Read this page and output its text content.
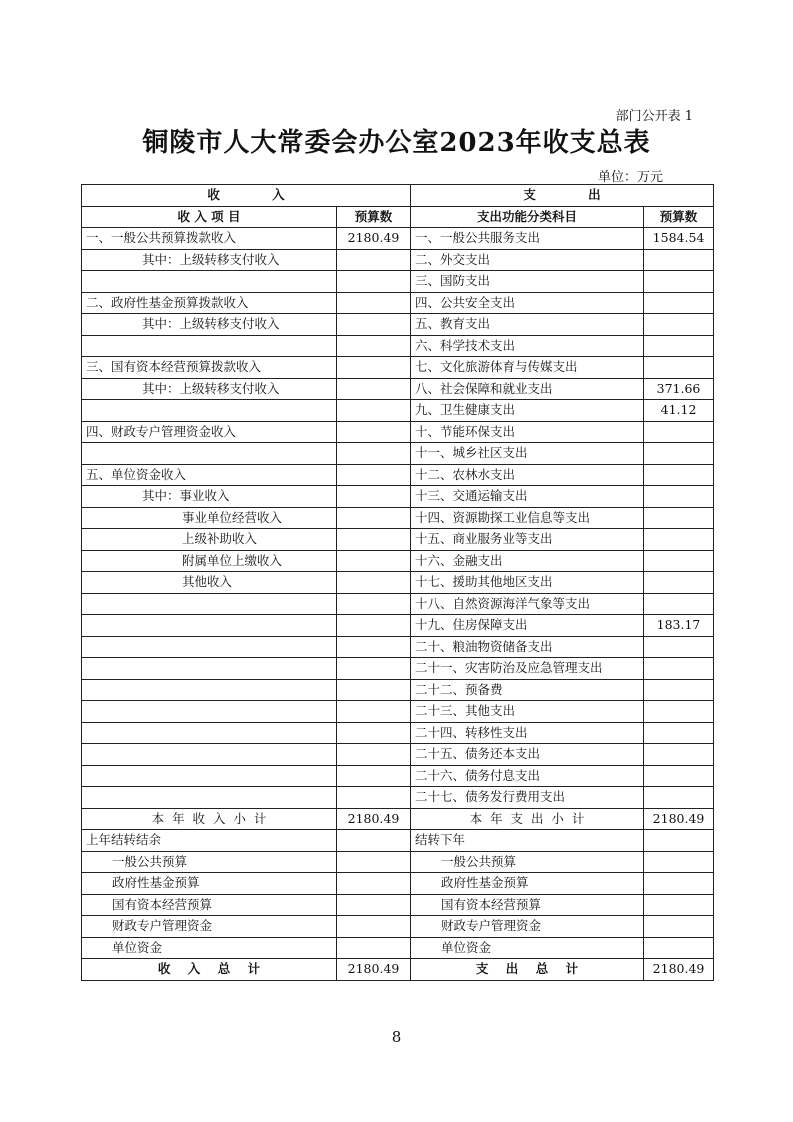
部门公开表 1
铜陵市人大常委会办公室2023年收支总表
单位：万元
收            入		支            出	
收 入 项 目	预算数	支出功能分类科目	预算数
一、一般公共预算拨款收入	2180.49	一、一般公共服务支出	1584.54
其中：上级转移支付收入		二、外交支出	
		三、国防支出	
二、政府性基金预算拨款收入		四、公共安全支出	
其中：上级转移支付收入		五、教育支出	
		六、科学技术支出	
三、国有资本经营预算拨款收入		七、文化旅游体育与传媒支出	
其中：上级转移支付收入		八、社会保障和就业支出	371.66
		九、卫生健康支出	41.12
四、财政专户管理资金收入		十、节能环保支出	
		十一、城乡社区支出	
五、单位资金收入		十二、农林水支出	
其中：事业收入		十三、交通运输支出	
事业单位经营收入		十四、资源勘探工业信息等支出	
上级补助收入		十五、商业服务业等支出	
附属单位上缴收入		十六、金融支出	
其他收入		十七、援助其他地区支出	
		十八、自然资源海洋气象等支出	
		十九、住房保障支出	183.17
		二十、粮油物资储备支出	
		二十一、灾害防治及应急管理支出	
		二十二、预备费	
		二十三、其他支出	
		二十四、转移性支出	
		二十五、债务还本支出	
		二十六、债务付息支出	
		二十七、债务发行费用支出	
本  年  收  入  小  计	2180.49	本  年  支  出  小  计	2180.49
上年结转结余		结转下年	
一般公共预算		一般公共预算	
政府性基金预算		政府性基金预算	
国有资本经营预算		国有资本经营预算	
财政专户管理资金		财政专户管理资金	
单位资金		单位资金	
收    入    总    计	2180.49	支    出    总    计	2180.49
8
